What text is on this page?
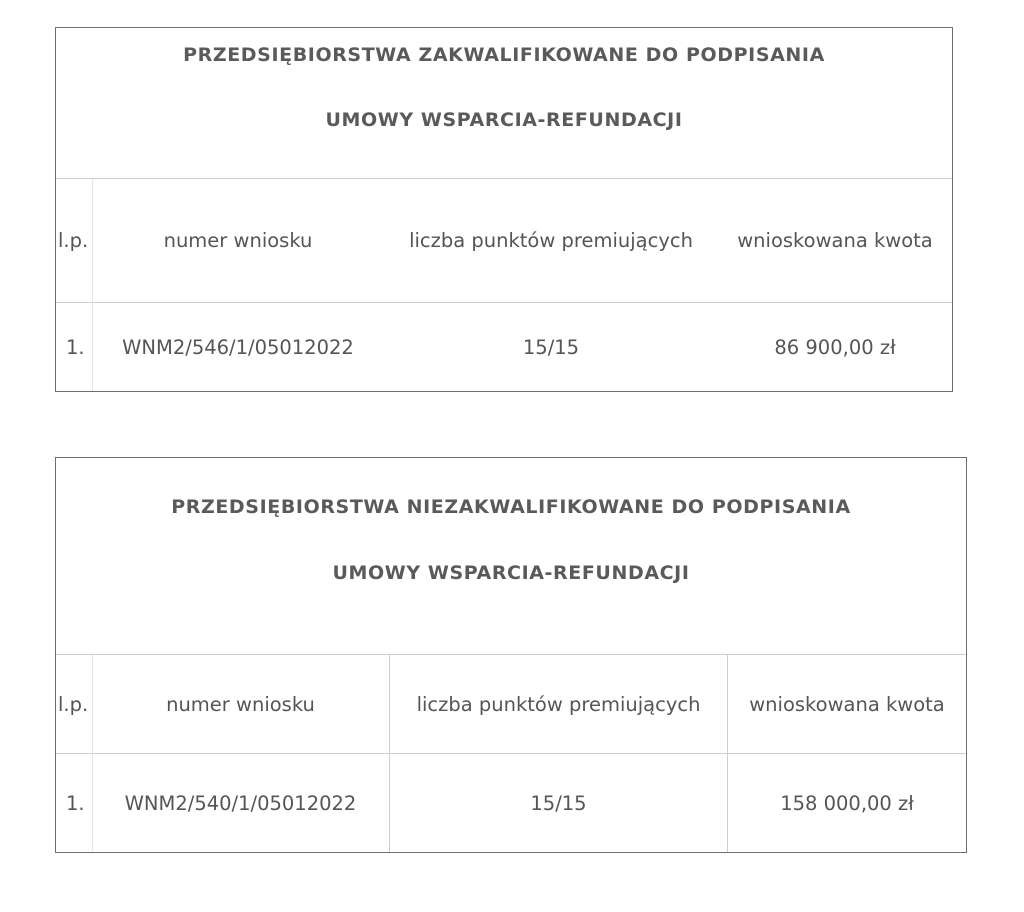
PRZEDSIĘBIORSTWA ZAKWALIFIKOWANE DO PODPISANIA
UMOWY WSPARCIA-REFUNDACJI
l.p.	numer wniosku	liczba punktów premiujących	wnioskowana kwota
1.	WNM2/546/1/05012022	15/15	86 900,00 zł
PRZEDSIĘBIORSTWA NIEZAKWALIFIKOWANE DO PODPISANIA
UMOWY WSPARCIA-REFUNDACJI
l.p.	numer wniosku	liczba punktów premiujących	wnioskowana kwota
1.	WNM2/540/1/05012022	15/15	158 000,00 zł
